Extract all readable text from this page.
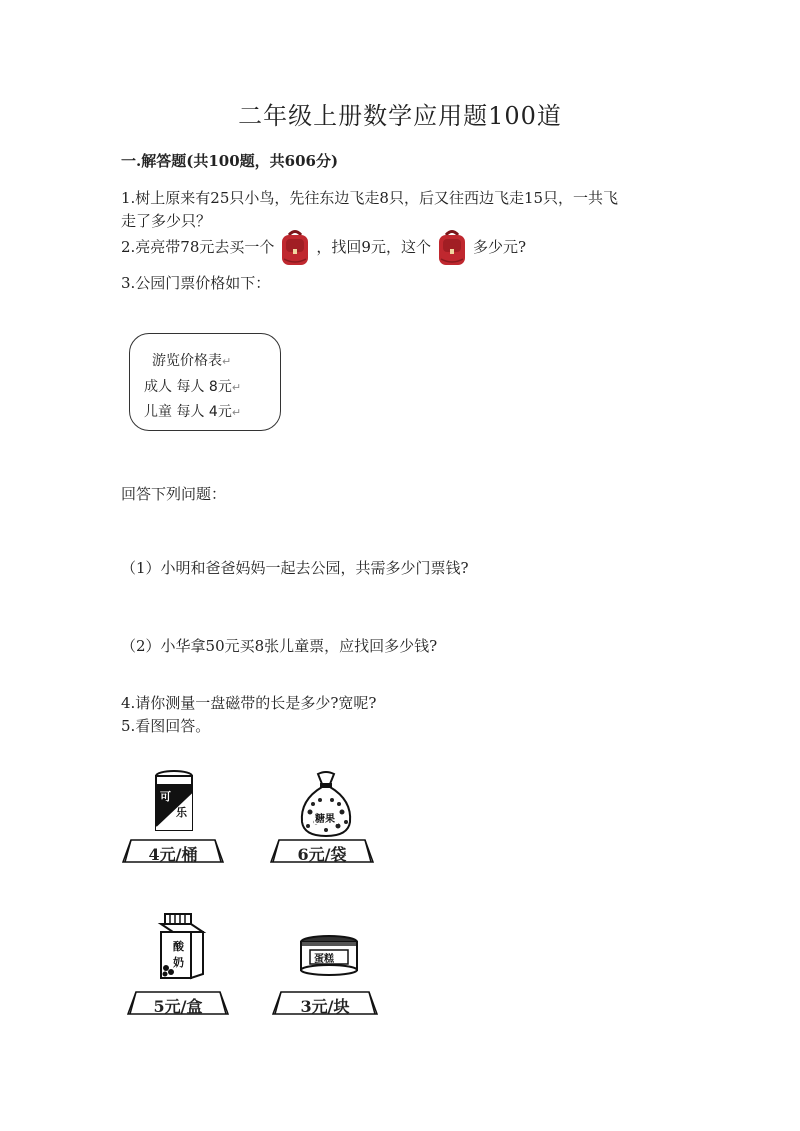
二年级上册数学应用题100道
一.解答题(共100题，共606分)
1.树上原来有25只小鸟，先往东边飞走8只，后又往西边飞走15只，一共飞
走了多少只？
2.亮亮带78元去买一个	，找回9元，这个	多少元?
3.公园门票价格如下：
游览价格表↵
成人 每人 8元↵
儿童 每人 4元↵
回答下列问题：
（1）小明和爸爸妈妈一起去公园，共需多少门票钱?
（2）小华拿50元买8张儿童票，应找回多少钱?
4.请你测量一盘磁带的长是多少?宽呢?
5.看图回答。
可
乐
4元/桶
糖果
6元/袋
酸
奶
5元/盒
蛋糕
3元/块
